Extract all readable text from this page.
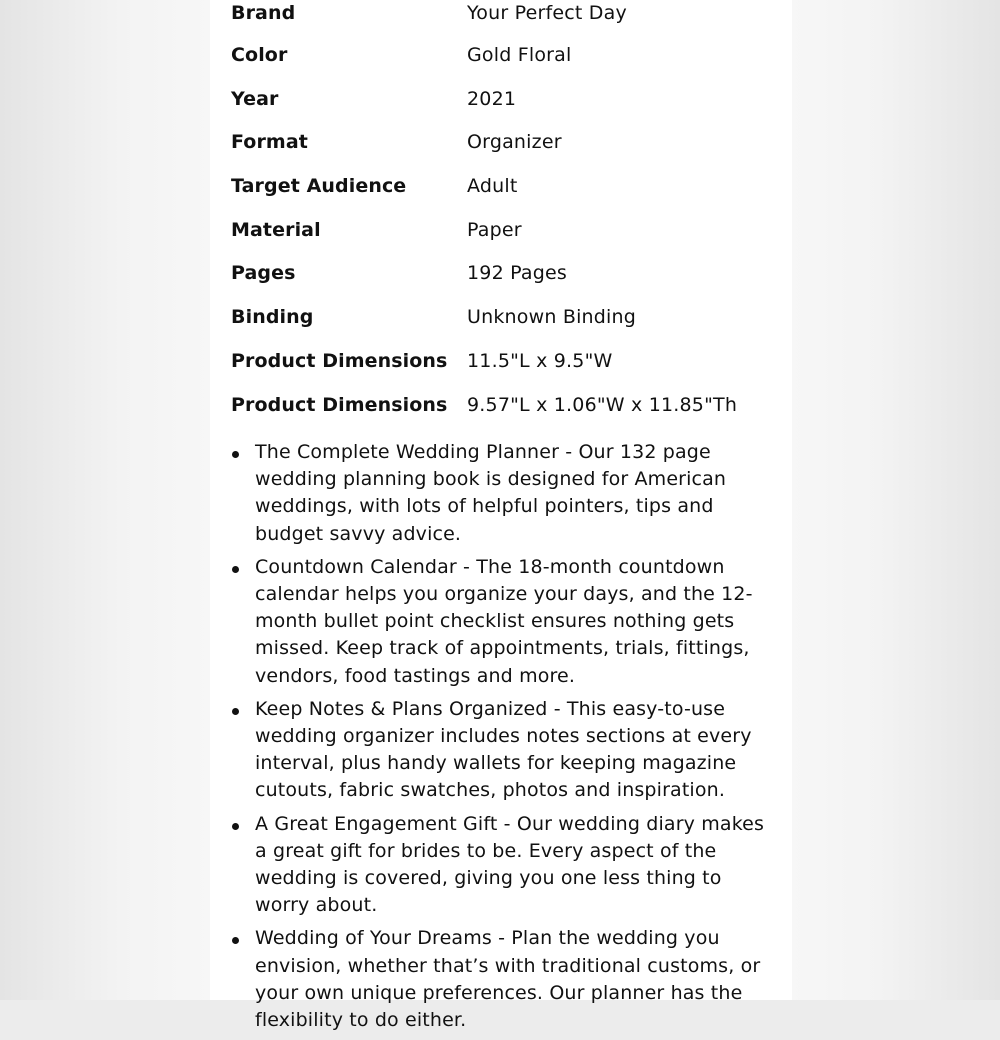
Brand	Your Perfect Day
Color	Gold Floral
Year	2021
Format	Organizer
Target Audience	Adult
Material	Paper
Pages	192 Pages
Binding	Unknown Binding
Product Dimensions 11.5"L x 9.5"W
Product Dimensions 9.57"L x 1.06"W x 11.85"Th
The Complete Wedding Planner - Our 132 page wedding planning book is designed for American weddings, with lots of helpful pointers, tips and budget savvy advice.
Countdown Calendar - The 18-month countdown calendar helps you organize your days, and the 12-month bullet point checklist ensures nothing gets missed. Keep track of appointments, trials, fittings, vendors, food tastings and more.
Keep Notes & Plans Organized - This easy-to-use wedding organizer includes notes sections at every interval, plus handy wallets for keeping magazine cutouts, fabric swatches, photos and inspiration.
A Great Engagement Gift - Our wedding diary makes a great gift for brides to be. Every aspect of the wedding is covered, giving you one less thing to worry about.
Wedding of Your Dreams - Plan the wedding you envision, whether that’s with traditional customs, or your own unique preferences. Our planner has the flexibility to do either.
